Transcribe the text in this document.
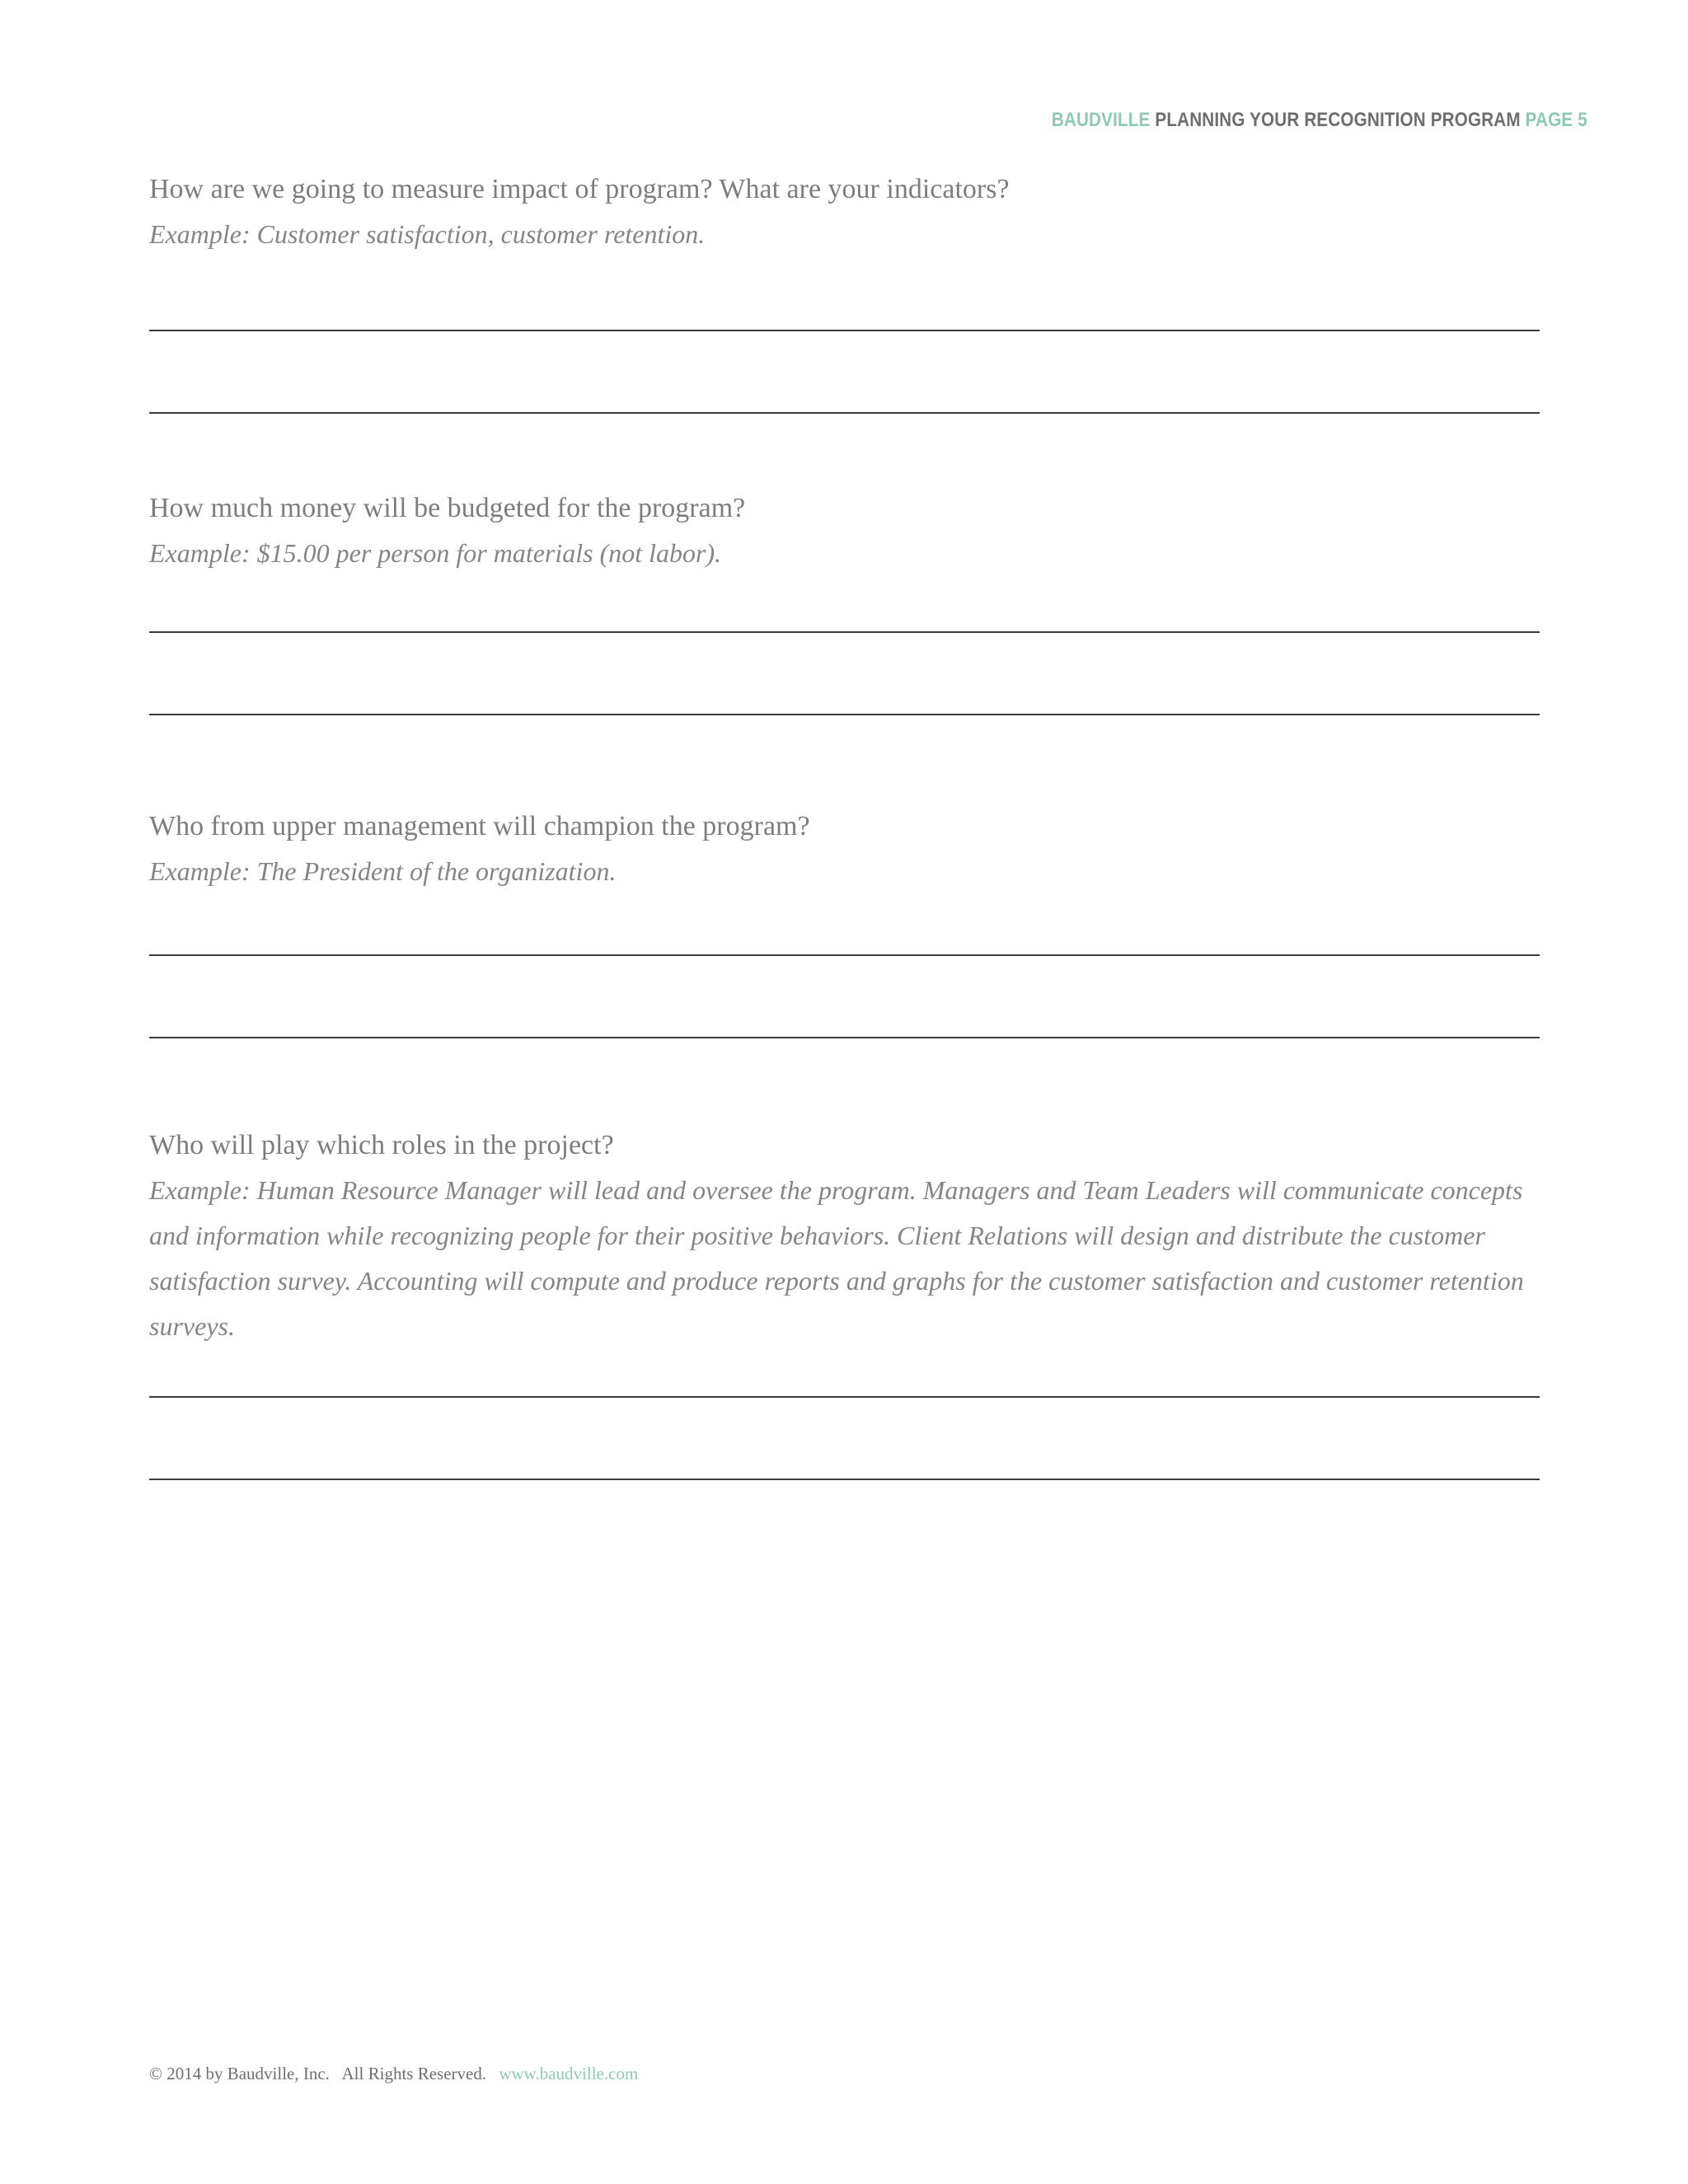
BAUDVILLE PLANNING YOUR RECOGNITION PROGRAM PAGE 5

How are we going to measure impact of program? What are your indicators?

Example: Customer satisfaction, customer retention.

How much money will be budgeted for the program?

Example: $15.00 per person for materials (not labor).

Who from upper management will champion the program?

Example: The President of the organization.

Who will play which roles in the project?

Example: Human Resource Manager will lead and oversee the program. Managers and Team Leaders will communicate concepts and information while recognizing people for their positive behaviors. Client Relations will design and distribute the customer satisfaction survey. Accounting will compute and produce reports and graphs for the customer satisfaction and customer retention surveys.

© 2014 by Baudville, Inc.   All Rights Reserved. www.baudville.com
